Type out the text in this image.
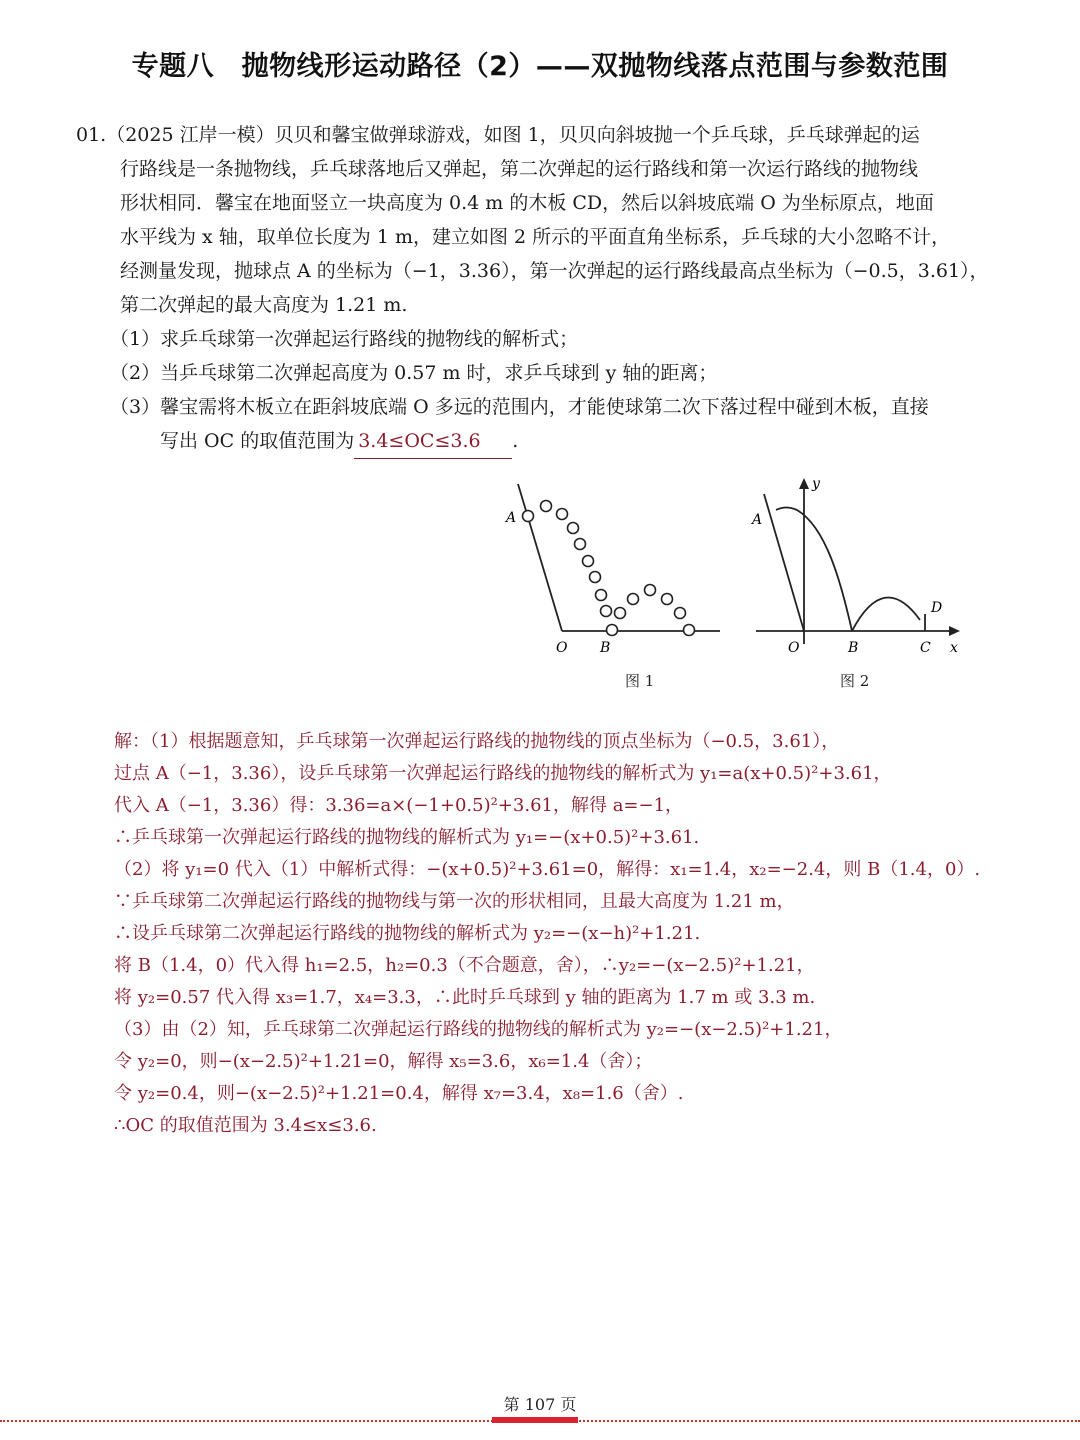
专题八　抛物线形运动路径（2）——双抛物线落点范围与参数范围
01.（2025 江岸一模）贝贝和馨宝做弹球游戏，如图 1，贝贝向斜坡抛一个乒乓球，乒乓球弹起的运
行路线是一条抛物线，乒乓球落地后又弹起，第二次弹起的运行路线和第一次运行路线的抛物线
形状相同．馨宝在地面竖立一块高度为 0.4 m 的木板 CD，然后以斜坡底端 O 为坐标原点，地面
水平线为 x 轴，取单位长度为 1 m，建立如图 2 所示的平面直角坐标系，乒乓球的大小忽略不计，
经测量发现，抛球点 A 的坐标为（−1，3.36），第一次弹起的运行路线最高点坐标为（−0.5，3.61），
第二次弹起的最大高度为 1.21 m.
（1）求乒乓球第一次弹起运行路线的抛物线的解析式；
（2）当乒乓球第二次弹起高度为 0.57 m 时，求乒乓球到 y 轴的距离；
（3）馨宝需将木板立在距斜坡底端 O 多远的范围内，才能使球第二次下落过程中碰到木板，直接
写出 OC 的取值范围为 3.4≤OC≤3.6 .
A
O B
图 1
y
A
D
O	B	C x
图 2
解：（1）根据题意知，乒乓球第一次弹起运行路线的抛物线的顶点坐标为（−0.5，3.61），
过点 A（−1，3.36），设乒乓球第一次弹起运行路线的抛物线的解析式为 y₁=a(x+0.5)²+3.61，
代入 A（−1，3.36）得：3.36=a×(−1+0.5)²+3.61，解得 a=−1，
∴乒乓球第一次弹起运行路线的抛物线的解析式为 y₁=−(x+0.5)²+3.61.
（2）将 y₁=0 代入（1）中解析式得：−(x+0.5)²+3.61=0，解得：x₁=1.4，x₂=−2.4，则 B（1.4，0）.
∵乒乓球第二次弹起运行路线的抛物线与第一次的形状相同，且最大高度为 1.21 m，
∴设乒乓球第二次弹起运行路线的抛物线的解析式为 y₂=−(x−h)²+1.21.
将 B（1.4，0）代入得 h₁=2.5，h₂=0.3（不合题意，舍），∴y₂=−(x−2.5)²+1.21，
将 y₂=0.57 代入得 x₃=1.7，x₄=3.3，∴此时乒乓球到 y 轴的距离为 1.7 m 或 3.3 m.
（3）由（2）知，乒乓球第二次弹起运行路线的抛物线的解析式为 y₂=−(x−2.5)²+1.21，
令 y₂=0，则−(x−2.5)²+1.21=0，解得 x₅=3.6，x₆=1.4（舍）；
令 y₂=0.4，则−(x−2.5)²+1.21=0.4，解得 x₇=3.4，x₈=1.6（舍）.
∴OC 的取值范围为 3.4≤x≤3.6.
第 107 页
